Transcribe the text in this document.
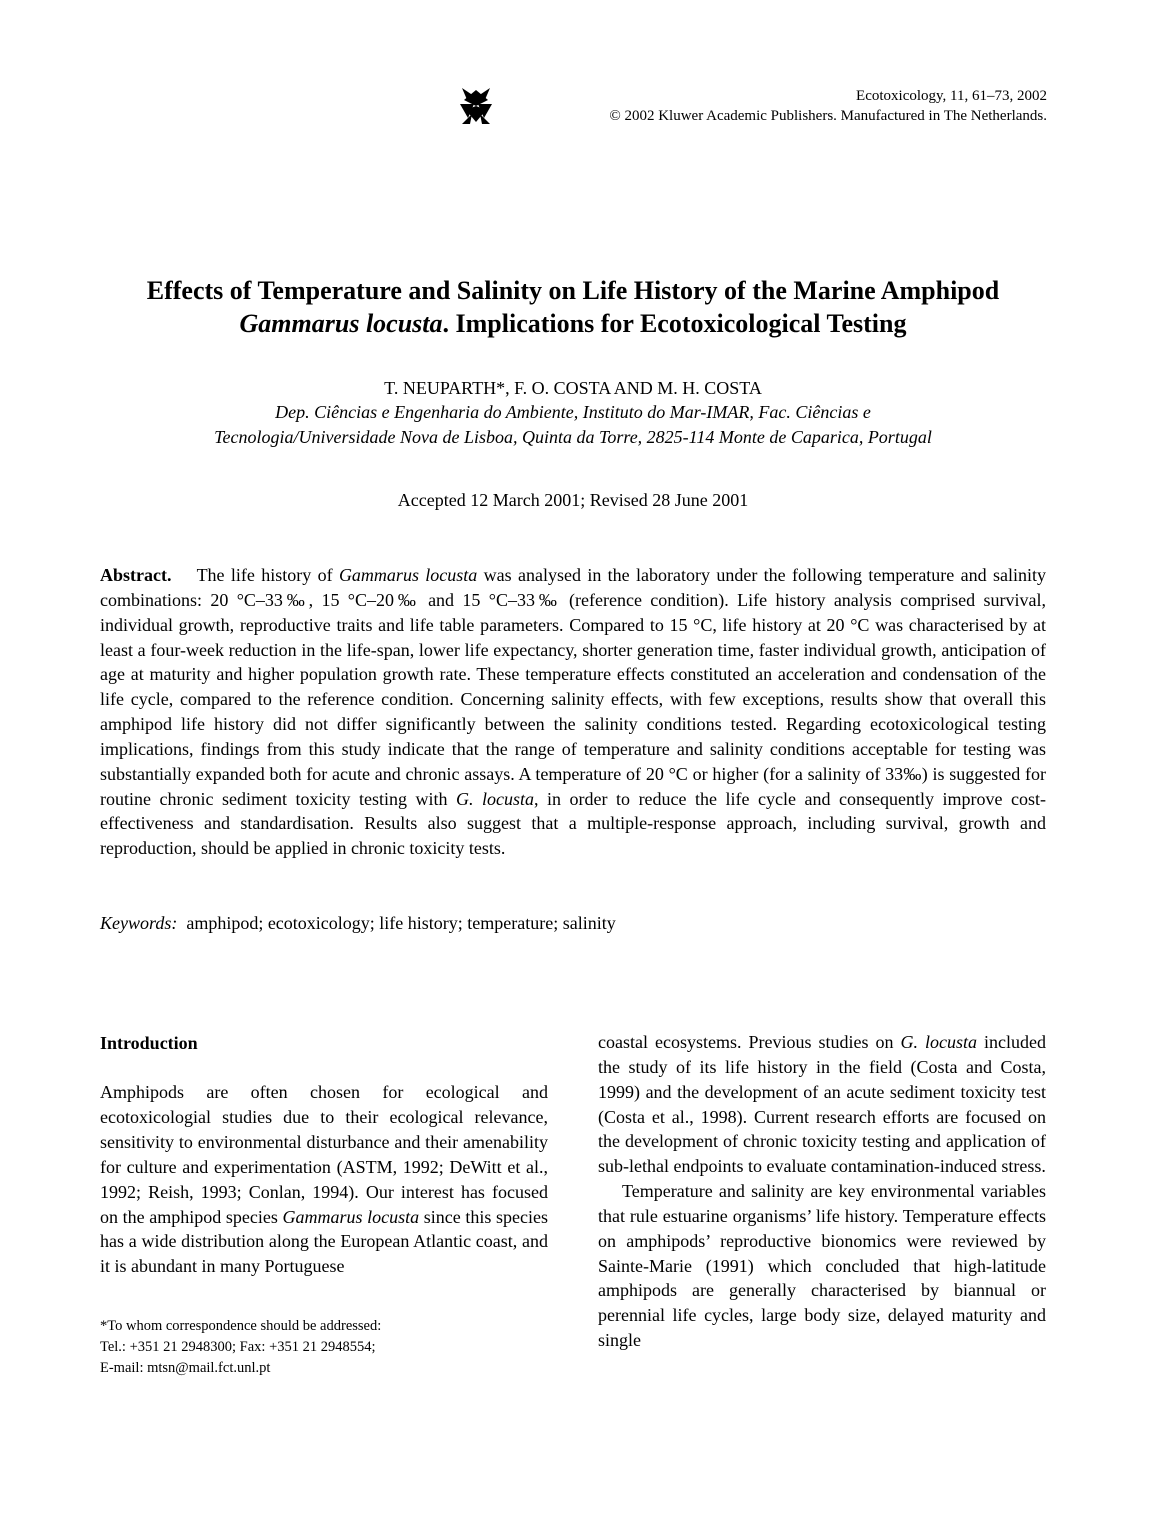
Ecotoxicology, 11, 61–73, 2002
© 2002 Kluwer Academic Publishers. Manufactured in The Netherlands.
Effects of Temperature and Salinity on Life History of the Marine Amphipod Gammarus locusta. Implications for Ecotoxicological Testing
T. NEUPARTH*, F. O. COSTA AND M. H. COSTA
Dep. Ciências e Engenharia do Ambiente, Instituto do Mar-IMAR, Fac. Ciências e
Tecnologia/Universidade Nova de Lisboa, Quinta da Torre, 2825-114 Monte de Caparica, Portugal
Accepted 12 March 2001; Revised 28 June 2001

Abstract. The life history of Gammarus locusta was analysed in the laboratory under the following temperature and salinity combinations: 20 °C–33‰, 15 °C–20‰ and 15 °C–33‰ (reference condition). Life history analysis comprised survival, individual growth, reproductive traits and life table parameters. Compared to 15 °C, life history at 20 °C was characterised by at least a four-week reduction in the life-span, lower life expectancy, shorter generation time, faster individual growth, anticipation of age at maturity and higher population growth rate. These temperature effects constituted an acceleration and condensation of the life cycle, compared to the reference condition. Concerning salinity effects, with few exceptions, results show that overall this amphipod life history did not differ significantly between the salinity conditions tested. Regarding ecotoxicological testing implications, findings from this study indicate that the range of temperature and salinity conditions acceptable for testing was substantially expanded both for acute and chronic assays. A temperature of 20 °C or higher (for a salinity of 33‰) is suggested for routine chronic sediment toxicity testing with G. locusta, in order to reduce the life cycle and consequently improve cost-effectiveness and standardisation. Results also suggest that a multiple-response approach, including survival, growth and reproduction, should be applied in chronic toxicity tests.

Keywords: amphipod; ecotoxicology; life history; temperature; salinity
Introduction

Amphipods are often chosen for ecological and ecotoxicologial studies due to their ecological relevance, sensitivity to environmental disturbance and their amenability for culture and experimentation (ASTM, 1992; DeWitt et al., 1992; Reish, 1993; Conlan, 1994). Our interest has focused on the amphipod species Gammarus locusta since this species has a wide distribution along the European Atlantic coast, and it is abundant in many Portuguese

*To whom correspondence should be addressed:
Tel.: +351 21 2948300; Fax: +351 21 2948554;
E-mail: mtsn@mail.fct.unl.pt

coastal ecosystems. Previous studies on G. locusta included the study of its life history in the field (Costa and Costa, 1999) and the development of an acute sediment toxicity test (Costa et al., 1998). Current research efforts are focused on the development of chronic toxicity testing and application of sub-lethal endpoints to evaluate contamination-induced stress.

Temperature and salinity are key environmental variables that rule estuarine organisms’ life history. Temperature effects on amphipods’ reproductive bionomics were reviewed by Sainte-Marie (1991) which concluded that high-latitude amphipods are generally characterised by biannual or perennial life cycles, large body size, delayed maturity and single
